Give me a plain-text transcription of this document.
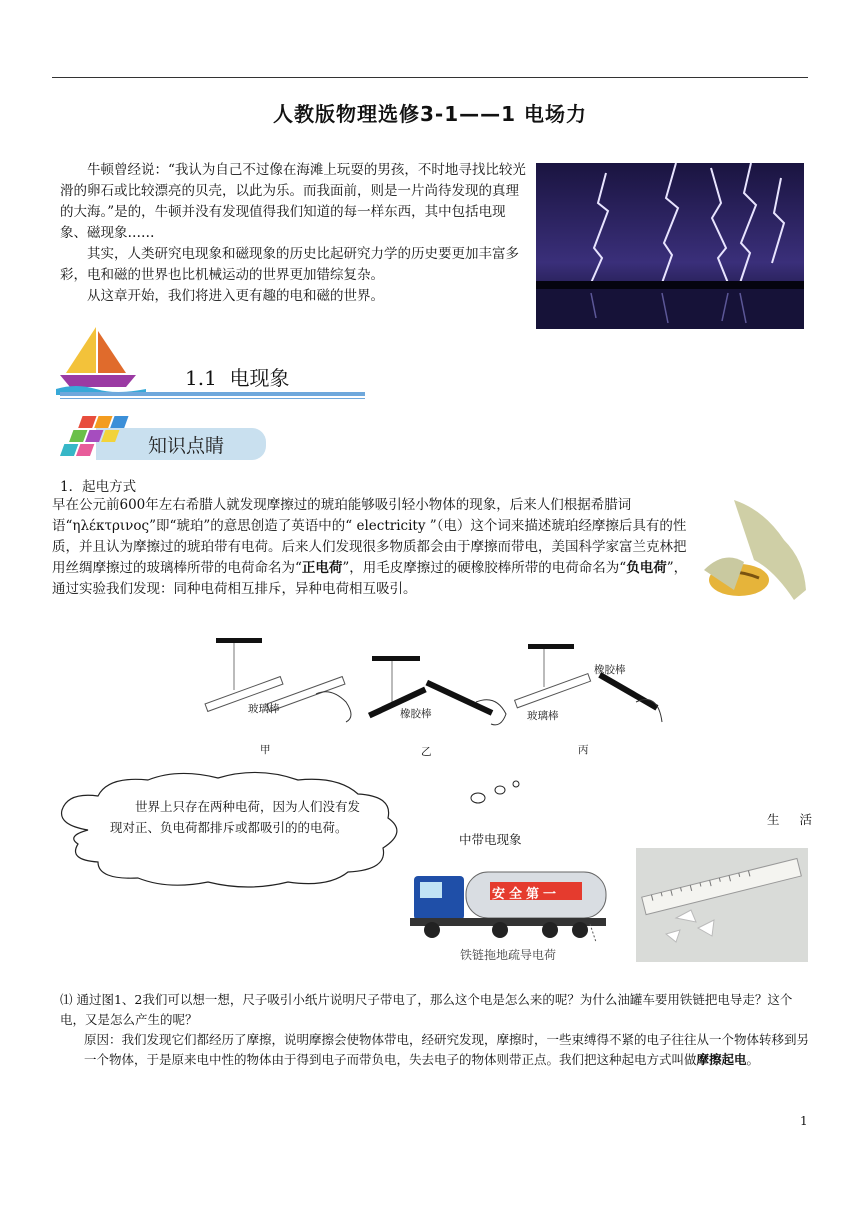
人教版物理选修3-1——1 电场力

牛顿曾经说：“我认为自己不过像在海滩上玩耍的男孩，不时地寻找比较光滑的卵石或比较漂亮的贝壳，以此为乐。而我面前，则是一片尚待发现的真理的大海。”是的，牛顿并没有发现值得我们知道的每一样东西，其中包括电现象、磁现象……

其实，人类研究电现象和磁现象的历史比起研究力学的历史要更加丰富多彩，电和磁的世界也比机械运动的世界更加错综复杂。

从这章开始，我们将进入更有趣的电和磁的世界。

1.1 电现象
知识点睛
1．起电方式

早在公元前600年左右希腊人就发现摩擦过的琥珀能够吸引轻小物体的现象，后来人们根据希腊词语“ηλέκτρινος”即“琥珀”的意思创造了英语中的“ electricity ”（电）这个词来描述琥珀经摩擦后具有的性质，并且认为摩擦过的琥珀带有电荷。后来人们发现很多物质都会由于摩擦而带电，美国科学家富兰克林把用丝绸摩擦过的玻璃棒所带的电荷命名为“正电荷”，用毛皮摩擦过的硬橡胶棒所带的电荷命名为“负电荷”，通过实验我们发现：同种电荷相互排斥，异种电荷相互吸引。

玻璃棒	橡胶棒	玻璃棒
橡胶棒
甲	乙	丙

世界上只存在两种电荷，因为人们没有发现对正、负电荷都排斥或都吸引的的电荷。

生 活
中带电现象
安全第一
铁链拖地疏导电荷

⑴ 通过图1、2我们可以想一想，尺子吸引小纸片说明尺子带电了，那么这个电是怎么来的呢？为什么油罐车要用铁链把电导走？这个电，又是怎么产生的呢？

原因：我们发现它们都经历了摩擦，说明摩擦会使物体带电，经研究发现，摩擦时，一些束缚得不紧的电子往往从一个物体转移到另一个物体，于是原来电中性的物体由于得到电子而带负电，失去电子的物体则带正点。我们把这种起电方式叫做摩擦起电。

1
